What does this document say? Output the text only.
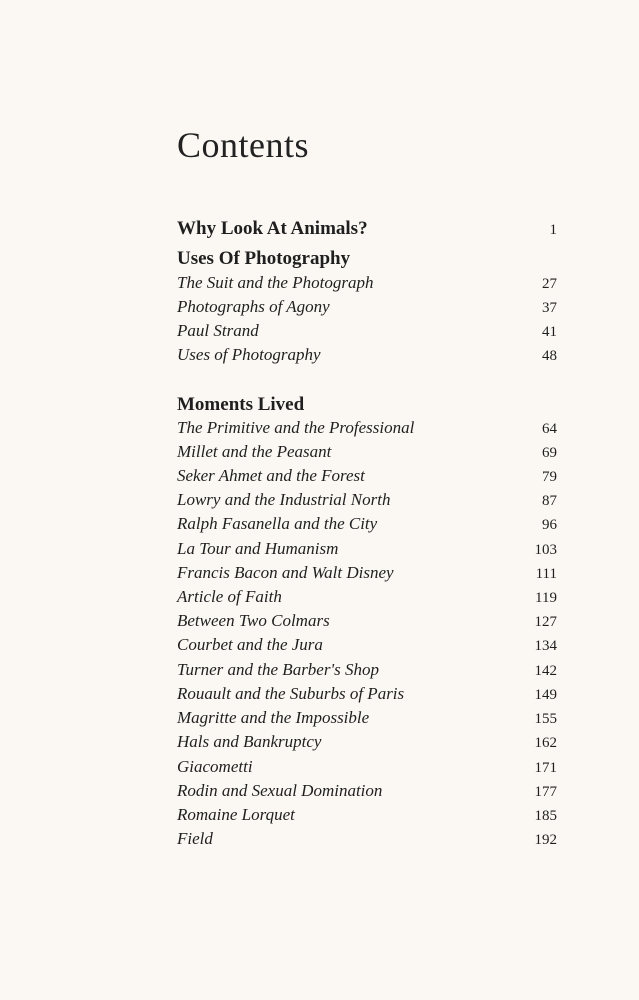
Contents
Why Look At Animals?	1
Uses Of Photography
The Suit and the Photograph	27
Photographs of Agony	37
Paul Strand	41
Uses of Photography	48
Moments Lived
The Primitive and the Professional	64
Millet and the Peasant	69
Seker Ahmet and the Forest	79
Lowry and the Industrial North	87
Ralph Fasanella and the City	96
La Tour and Humanism	103
Francis Bacon and Walt Disney	111
Article of Faith	119
Between Two Colmars	127
Courbet and the Jura	134
Turner and the Barber's Shop	142
Rouault and the Suburbs of Paris	149
Magritte and the Impossible	155
Hals and Bankruptcy	162
Giacometti	171
Rodin and Sexual Domination	177
Romaine Lorquet	185
Field	192
